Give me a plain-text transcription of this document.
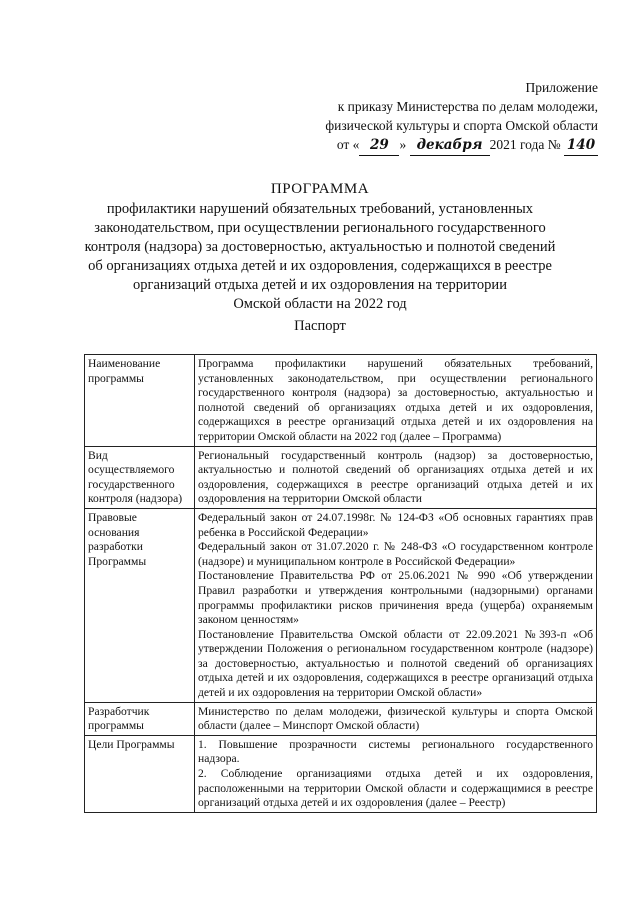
Приложение
к приказу Министерства по делам молодежи,
физической культуры и спорта Омской области
от « 29 » декабря 2021 года № 140
ПРОГРАММА
профилактики нарушений обязательных требований, установленных
законодательством, при осуществлении регионального государственного
контроля (надзора) за достоверностью, актуальностью и полнотой сведений
об организациях отдыха детей и их оздоровления, содержащихся в реестре
организаций отдыха детей и их оздоровления на территории
Омской области на 2022 год
Паспорт
Наименование программы	Программа профилактики нарушений обязательных требований, установленных законодательством, при осуществлении регионального государственного контроля (надзора) за достоверностью, актуальностью и полнотой сведений об организациях отдыха детей и их оздоровления, содержащихся в реестре организаций отдыха детей и их оздоровления на территории Омской области на 2022 год (далее – Программа)

Вид осуществляемого государственного контроля (надзора)	Региональный государственный контроль (надзор) за достоверностью, актуальностью и полнотой сведений об организациях отдыха детей и их оздоровления, содержащихся в реестре организаций отдыха детей и их оздоровления на территории Омской области

Правовые основания разработки Программы	Федеральный закон от 24.07.1998г. № 124-ФЗ «Об основных гарантиях прав ребенка в Российской Федерации»
Федеральный закон от 31.07.2020 г. № 248-ФЗ «О государственном контроле (надзоре) и муниципальном контроле в Российской Федерации»
Постановление Правительства РФ от 25.06.2021 № 990 «Об утверждении Правил разработки и утверждения контрольными (надзорными) органами программы профилактики рисков причинения вреда (ущерба) охраняемым законом ценностям»
Постановление Правительства Омской области от 22.09.2021 №393-п «Об утверждении Положения о региональном государственном контроле (надзоре) за достоверностью, актуальностью и полнотой сведений об организациях отдыха детей и их оздоровления, содержащихся в реестре организаций отдыха детей и их оздоровления на территории Омской области»

Разработчик программы	Министерство по делам молодежи, физической культуры и спорта Омской области (далее – Минспорт Омской области)

Цели Программы	1. Повышение прозрачности системы регионального государственного надзора.
2. Соблюдение организациями отдыха детей и их оздоровления, расположенными на территории Омской области и содержащимися в реестре организаций отдыха детей и их оздоровления (далее – Реестр)
